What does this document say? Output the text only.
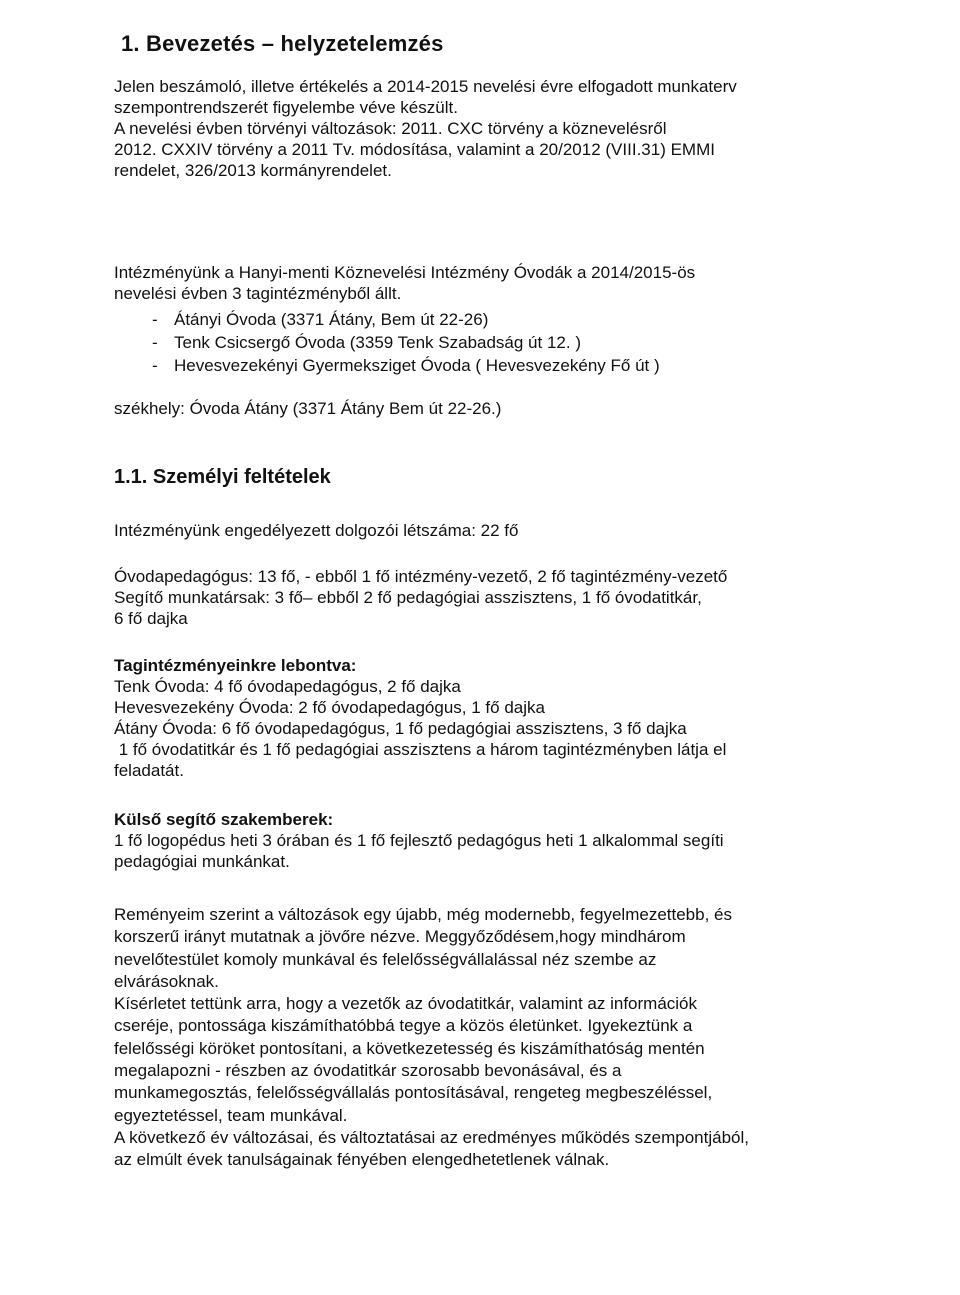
1. Bevezetés – helyzetelemzés
Jelen beszámoló, illetve értékelés a 2014-2015 nevelési évre elfogadott munkaterv
szempontrendszerét figyelembe véve készült.
A nevelési évben törvényi változások: 2011. CXC törvény a köznevelésről
2012. CXXIV törvény a 2011 Tv. módosítása, valamint a 20/2012 (VIII.31) EMMI
rendelet, 326/2013 kormányrendelet.
Intézményünk a Hanyi-menti Köznevelési Intézmény Óvodák a 2014/2015-ös
nevelési évben 3 tagintézményből állt.
- Átányi Óvoda (3371 Átány, Bem út 22-26)
- Tenk Csicsergő Óvoda (3359 Tenk Szabadság út 12. )
- Hevesvezekényi Gyermeksziget Óvoda ( Hevesvezekény Fő út )
székhely: Óvoda Átány (3371 Átány Bem út 22-26.)
1.1. Személyi feltételek
Intézményünk engedélyezett dolgozói létszáma: 22 fő
Óvodapedagógus: 13 fő, - ebből 1 fő intézmény-vezető, 2 fő tagintézmény-vezető
Segítő munkatársak: 3 fő– ebből 2 fő pedagógiai asszisztens, 1 fő óvodatitkár,
6 fő dajka
Tagintézményeinkre lebontva:
Tenk Óvoda: 4 fő óvodapedagógus, 2 fő dajka
Hevesvezekény Óvoda: 2 fő óvodapedagógus, 1 fő dajka
Átány Óvoda: 6 fő óvodapedagógus, 1 fő pedagógiai asszisztens, 3 fő dajka
1 fő óvodatitkár és 1 fő pedagógiai asszisztens a három tagintézményben látja el
feladatát.
Külső segítő szakemberek:
1 fő logopédus heti 3 órában és 1 fő fejlesztő pedagógus heti 1 alkalommal segíti
pedagógiai munkánkat.
Reményeim szerint a változások egy újabb, még modernebb, fegyelmezettebb, és
korszerű irányt mutatnak a jövőre nézve. Meggyőződésem,hogy mindhárom
nevelőtestület komoly munkával és felelősségvállalással néz szembe az
elvárásoknak.
Kísérletet tettünk arra, hogy a vezetők az óvodatitkár, valamint az információk
cseréje, pontossága kiszámíthatóbbá tegye a közös életünket. Igyekeztünk a
felelősségi köröket pontosítani, a következetesség és kiszámíthatóság mentén
megalapozni - részben az óvodatitkár szorosabb bevonásával, és a
munkamegosztás, felelősségvállalás pontosításával, rengeteg megbeszéléssel,
egyeztetéssel, team munkával.
A következő év változásai, és változtatásai az eredményes működés szempontjából,
az elmúlt évek tanulságainak fényében elengedhetetlenek válnak.
